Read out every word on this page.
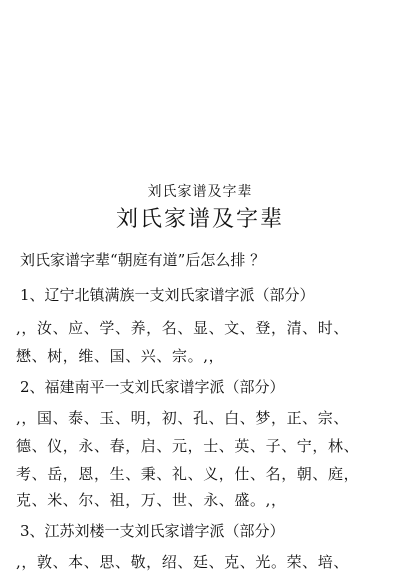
刘氏家谱及字辈
刘氏家谱及字辈
刘氏家谱字辈“朝庭有道”后怎么排 ？
1、辽宁北镇满族一支刘氏家谱字派（部分）
,，汝、应、学、养，名、显、文、登，清、时、
懋、树，维、国、兴、宗。,，
2、福建南平一支刘氏家谱字派（部分）
,，国、泰、玉、明，初、孔、白、梦，正、宗、
德、仪，永、春，启、元，士、英、子、宁，林、
考、岳，恩，生、秉、礼、义，仕、名，朝、庭，
克、米、尔、祖，万、世、永、盛。,，
3、江苏刘楼一支刘氏家谱字派（部分）
,，敦、本、思、敬，绍、廷、克、光。荣、培、
